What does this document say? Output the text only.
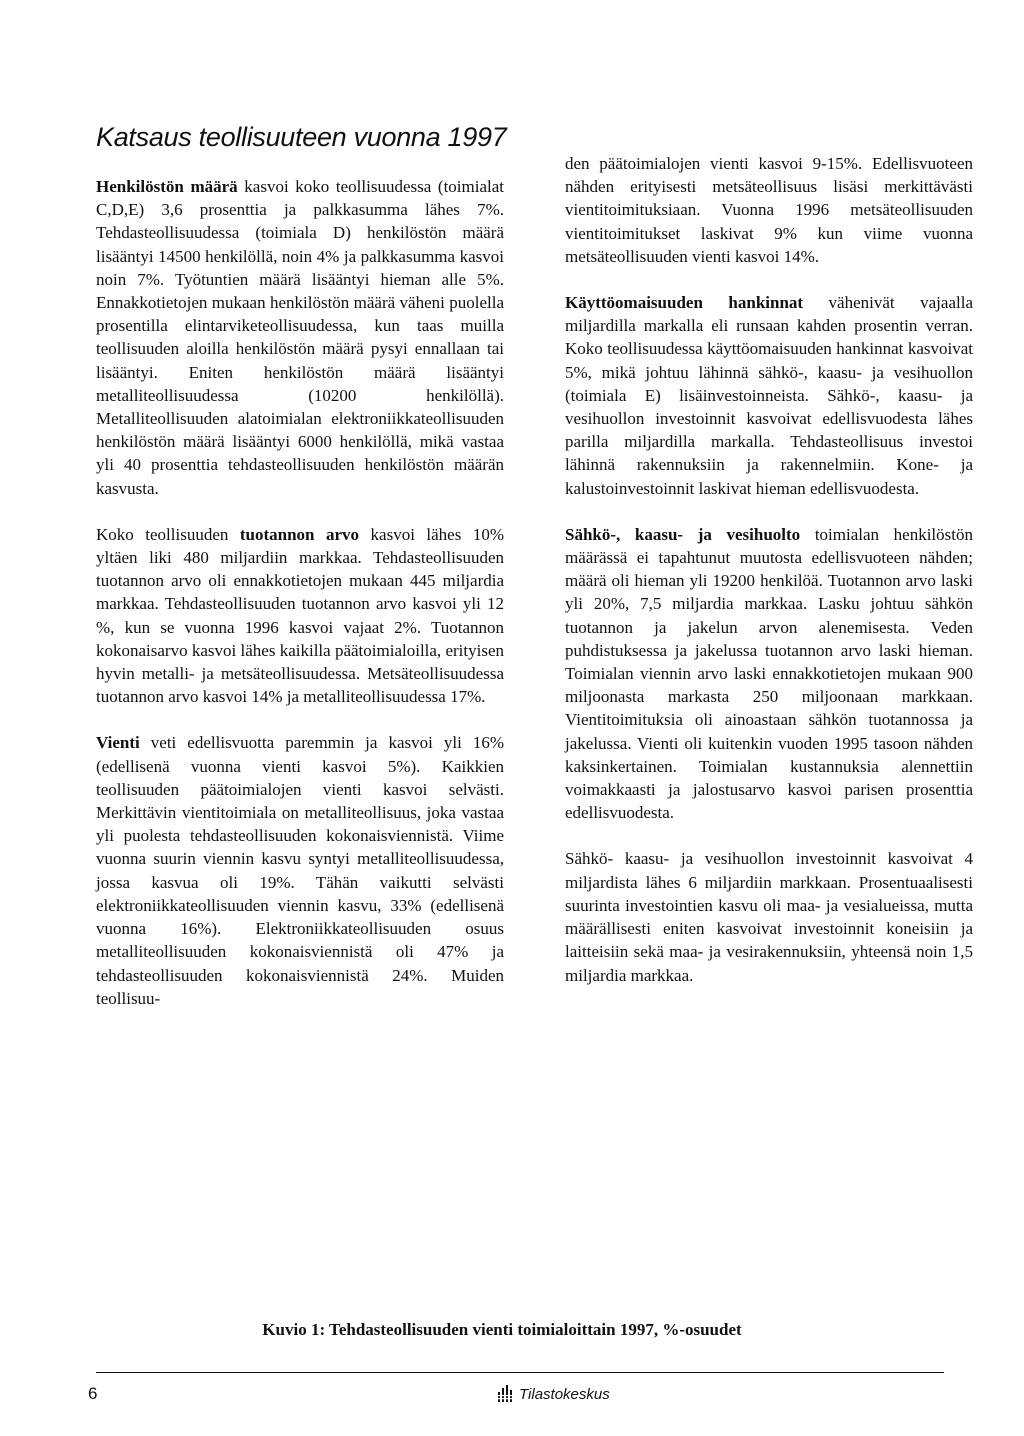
Katsaus teollisuuteen vuonna 1997

Henkilöstön määrä kasvoi koko teollisuudessa (toimialat C,D,E) 3,6 prosenttia ja palkkasumma lähes 7%. Tehdasteollisuudessa (toimiala D) henkilöstön määrä lisääntyi 14500 henkilöllä, noin 4% ja palkkasumma kasvoi noin 7%. Työtuntien määrä lisääntyi hieman alle 5%. Ennakkotietojen mukaan henkilöstön määrä väheni puolella prosentilla elintarviketeollisuudessa, kun taas muilla teollisuuden aloilla henkilöstön määrä pysyi ennallaan tai lisääntyi. Eniten henkilöstön määrä lisääntyi metalliteollisuudessa (10200 henkilöllä). Metalliteollisuuden alatoimialan elektroniikkateollisuuden henkilöstön määrä lisääntyi 6000 henkilöllä, mikä vastaa yli 40 prosenttia tehdasteollisuuden henkilöstön määrän kasvusta.

Koko teollisuuden tuotannon arvo kasvoi lähes 10% yltäen liki 480 miljardiin markkaa. Tehdasteollisuuden tuotannon arvo oli ennakkotietojen mukaan 445 miljardia markkaa. Tehdasteollisuuden tuotannon arvo kasvoi yli 12 %, kun se vuonna 1996 kasvoi vajaat 2%. Tuotannon kokonaisarvo kasvoi lähes kaikilla päätoimialoilla, erityisen hyvin metalli- ja metsäteollisuudessa. Metsäteollisuudessa tuotannon arvo kasvoi 14% ja metalliteollisuudessa 17%.

Vienti veti edellisvuotta paremmin ja kasvoi yli 16% (edellisenä vuonna vienti kasvoi 5%). Kaikkien teollisuuden päätoimialojen vienti kasvoi selvästi. Merkittävin vientitoimiala on metalliteollisuus, joka vastaa yli puolesta tehdasteollisuuden kokonaisviennistä. Viime vuonna suurin viennin kasvu syntyi metalliteollisuudessa, jossa kasvua oli 19%. Tähän vaikutti selvästi elektroniikkateollisuuden viennin kasvu, 33% (edellisenä vuonna 16%). Elektroniikkateollisuuden osuus metalliteollisuuden kokonaisviennistä oli 47% ja tehdasteollisuuden kokonaisviennistä 24%. Muiden teollisuu-

den päätoimialojen vienti kasvoi 9-15%. Edellisvuoteen nähden erityisesti metsäteollisuus lisäsi merkittävästi vientitoimituksiaan. Vuonna 1996 metsäteollisuuden vientitoimitukset laskivat 9% kun viime vuonna metsäteollisuuden vienti kasvoi 14%.

Käyttöomaisuuden hankinnat vähenivät vajaalla miljardilla markalla eli runsaan kahden prosentin verran. Koko teollisuudessa käyttöomaisuuden hankinnat kasvoivat 5%, mikä johtuu lähinnä sähkö-, kaasu- ja vesihuollon (toimiala E) lisäinvestoinneista. Sähkö-, kaasu- ja vesihuollon investoinnit kasvoivat edellisvuodesta lähes parilla miljardilla markalla. Tehdasteollisuus investoi lähinnä rakennuksiin ja rakennelmiin. Kone- ja kalustoinvestoinnit laskivat hieman edellisvuodesta.

Sähkö-, kaasu- ja vesihuolto toimialan henkilöstön määrässä ei tapahtunut muutosta edellisvuoteen nähden; määrä oli hieman yli 19200 henkilöä. Tuotannon arvo laski yli 20%, 7,5 miljardia markkaa. Lasku johtuu sähkön tuotannon ja jakelun arvon alenemisesta. Veden puhdistuksessa ja jakelussa tuotannon arvo laski hieman. Toimialan viennin arvo laski ennakkotietojen mukaan 900 miljoonasta markasta 250 miljoonaan markkaan. Vientitoimituksia oli ainoastaan sähkön tuotannossa ja jakelussa. Vienti oli kuitenkin vuoden 1995 tasoon nähden kaksinkertainen. Toimialan kustannuksia alennettiin voimakkaasti ja jalostusarvo kasvoi parisen prosenttia edellisvuodesta.

Sähkö- kaasu- ja vesihuollon investoinnit kasvoivat 4 miljardista lähes 6 miljardiin markkaan. Prosentuaalisesti suurinta investointien kasvu oli maa- ja vesialueissa, mutta määrällisesti eniten kasvoivat investoinnit koneisiin ja laitteisiin sekä maa- ja vesirakennuksiin, yhteensä noin 1,5 miljardia markkaa.

Kuvio 1: Tehdasteollisuuden vienti toimialoittain 1997, %-osuudet
6	Tilastokeskus
